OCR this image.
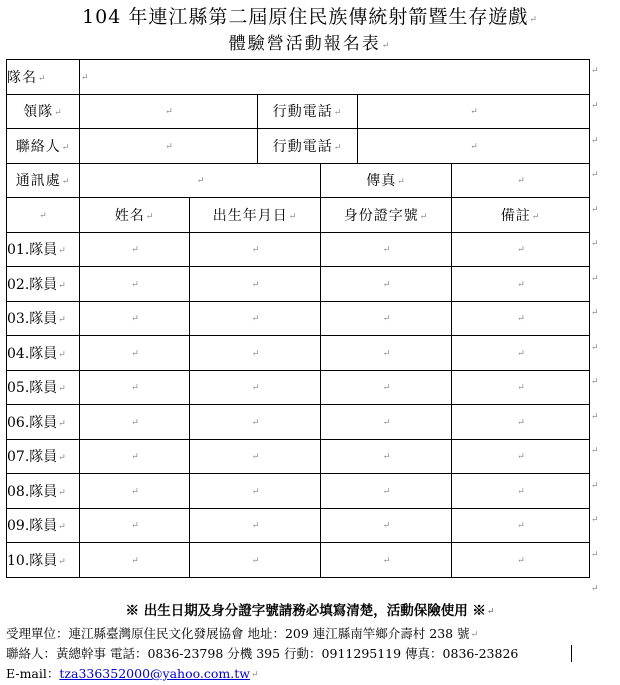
104 年連江縣第二屆原住民族傳統射箭暨生存遊戲↵
體驗營活動報名表↵
隊名↵	↵					
領隊↵	↵		行動電話↵		↵	
聯絡人↵	↵		行動電話↵		↵	
通訊處↵	↵			傳真↵		↵
↵	姓名↵	出生年月日↵		身份證字號↵		備註↵
01.隊員↵	↵	↵		↵		↵
02.隊員↵	↵	↵		↵		↵
03.隊員↵	↵	↵		↵		↵
04.隊員↵	↵	↵		↵		↵
05.隊員↵	↵	↵		↵		↵
06.隊員↵	↵	↵		↵		↵
07.隊員↵	↵	↵		↵		↵
08.隊員↵	↵	↵		↵		↵
09.隊員↵	↵	↵		↵		↵
10.隊員↵	↵	↵		↵		↵
↵
↵
↵
↵
↵
↵
↵
↵
↵
↵
↵
↵
↵
↵
↵
↵
※ 出生日期及身分證字號請務必填寫清楚，活動保險使用 ※↵
受理單位：連江縣臺灣原住民文化發展協會 地址：209 連江縣南竿鄉介壽村 238 號↵
聯絡人：黃總幹事 電話：0836-23798 分機 395 行動：0911295119 傳真：0836-23826
E-mail：tza336352000@yahoo.com.tw↵
